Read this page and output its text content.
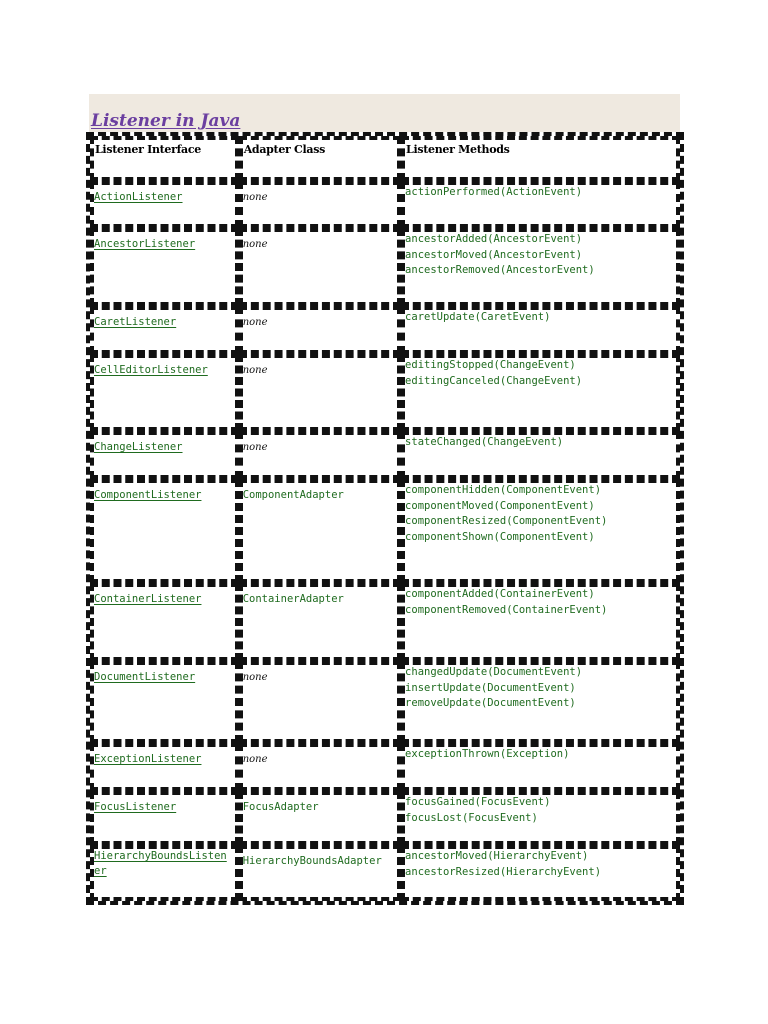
Listener in Java
Listener Interface	Adapter Class	Listener Methods
ActionListener	none	actionPerformed(ActionEvent)

AncestorListener	none	ancestorAdded(AncestorEvent)
ancestorMoved(AncestorEvent)
ancestorRemoved(AncestorEvent)

CaretListener	none	caretUpdate(CaretEvent)

CellEditorListener	none	editingStopped(ChangeEvent)
editingCanceled(ChangeEvent)

ChangeListener	none	stateChanged(ChangeEvent)

ComponentListener	ComponentAdapter	componentHidden(ComponentEvent)
componentMoved(ComponentEvent)
componentResized(ComponentEvent)
componentShown(ComponentEvent)

ContainerListener	ContainerAdapter	componentAdded(ContainerEvent)
componentRemoved(ContainerEvent)

DocumentListener	none	changedUpdate(DocumentEvent)
insertUpdate(DocumentEvent)
removeUpdate(DocumentEvent)

ExceptionListener	none	exceptionThrown(Exception)

FocusListener	FocusAdapter	focusGained(FocusEvent)
focusLost(FocusEvent)

HierarchyBoundsListener	HierarchyBoundsAdapter	ancestorMoved(HierarchyEvent)
ancestorResized(HierarchyEvent)
